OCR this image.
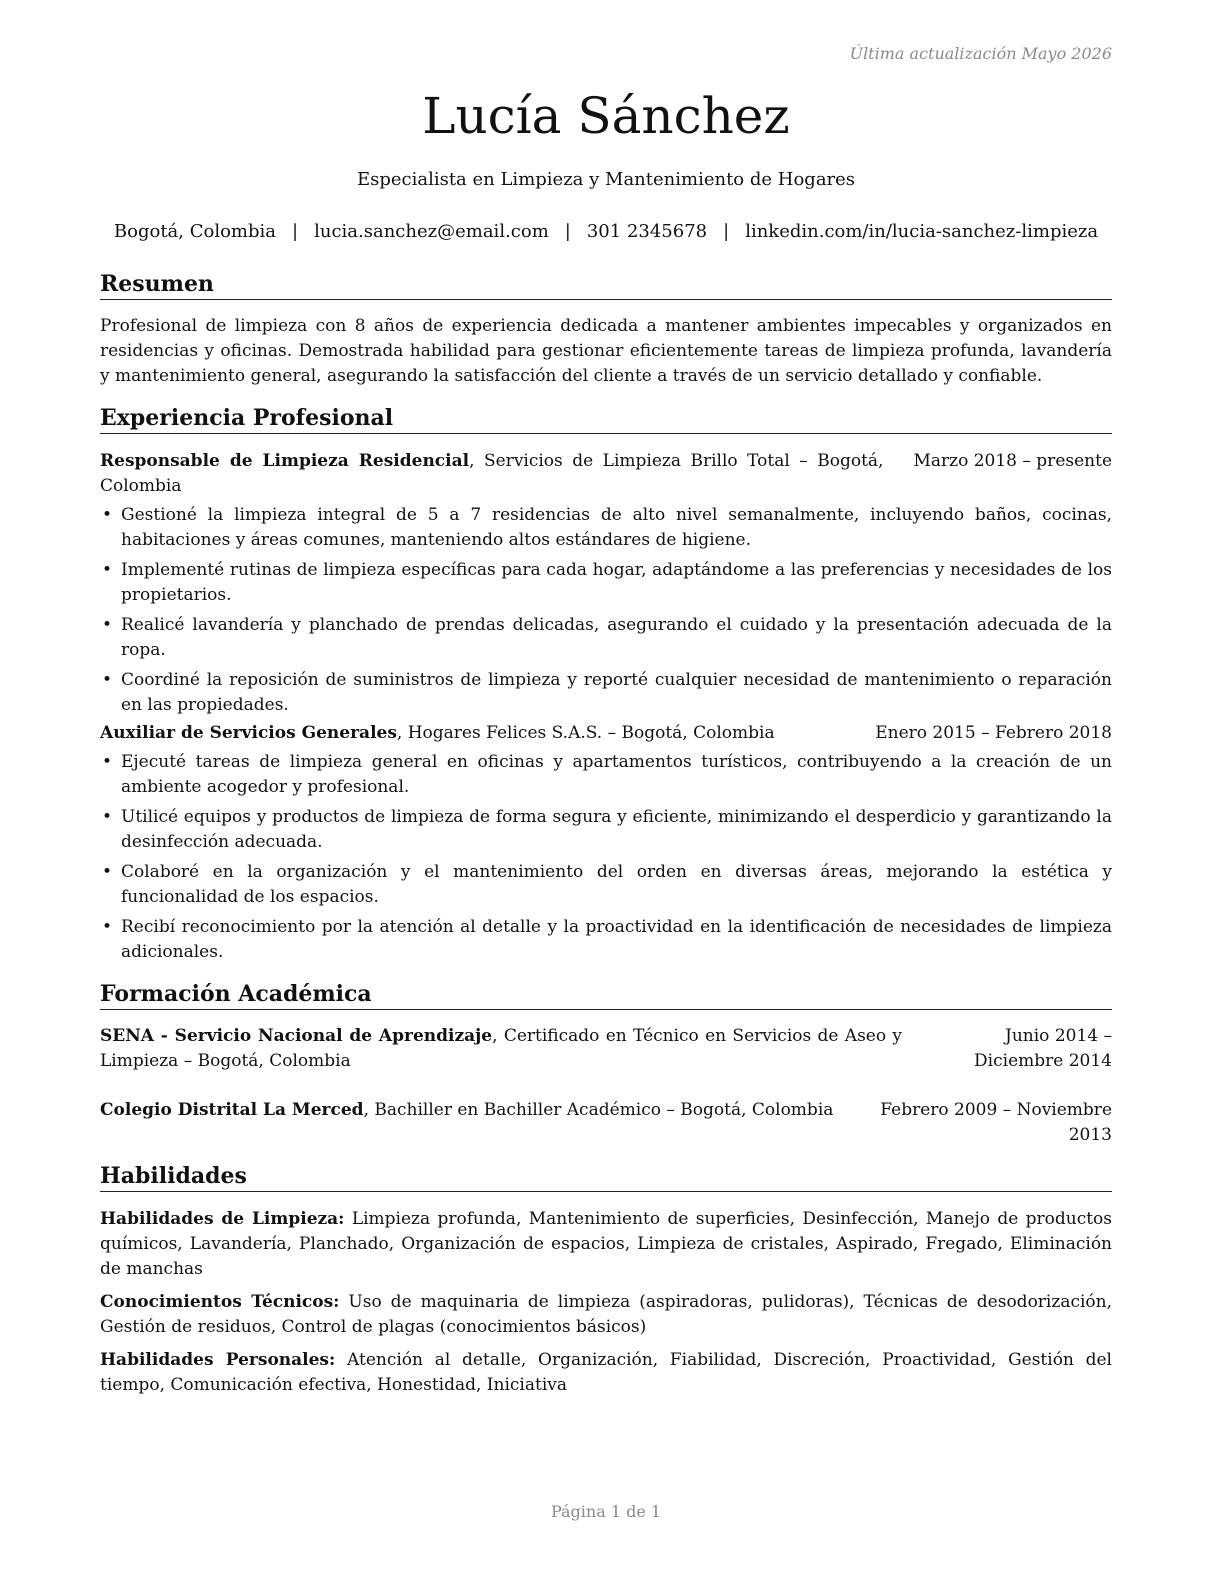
Última actualización Mayo 2026
Lucía Sánchez
Especialista en Limpieza y Mantenimiento de Hogares
Bogotá, Colombia | lucia.sanchez@email.com | 301 2345678 | linkedin.com/in/lucia-sanchez-limpieza
Resumen
Profesional de limpieza con 8 años de experiencia dedicada a mantener ambientes impecables y organizados en residencias y oficinas. Demostrada habilidad para gestionar eficientemente tareas de limpieza profunda, lavandería y mantenimiento general, asegurando la satisfacción del cliente a través de un servicio detallado y confiable.
Experiencia Profesional
Responsable de Limpieza Residencial, Servicios de Limpieza Brillo Total – Bogotá, Colombia
Marzo 2018 – presente
• Gestioné la limpieza integral de 5 a 7 residencias de alto nivel semanalmente, incluyendo baños, cocinas, habitaciones y áreas comunes, manteniendo altos estándares de higiene.
• Implementé rutinas de limpieza específicas para cada hogar, adaptándome a las preferencias y necesidades de los propietarios.
• Realicé lavandería y planchado de prendas delicadas, asegurando el cuidado y la presentación adecuada de la ropa.
• Coordiné la reposición de suministros de limpieza y reporté cualquier necesidad de mantenimiento o reparación en las propiedades.
Auxiliar de Servicios Generales, Hogares Felices S.A.S. – Bogotá, Colombia	Enero 2015 – Febrero 2018
• Ejecuté tareas de limpieza general en oficinas y apartamentos turísticos, contribuyendo a la creación de un ambiente acogedor y profesional.
• Utilicé equipos y productos de limpieza de forma segura y eficiente, minimizando el desperdicio y garantizando la desinfección adecuada.
• Colaboré en la organización y el mantenimiento del orden en diversas áreas, mejorando la estética y funcionalidad de los espacios.
• Recibí reconocimiento por la atención al detalle y la proactividad en la identificación de necesidades de limpieza adicionales.
Formación Académica
SENA - Servicio Nacional de Aprendizaje, Certificado en Técnico en Servicios de Aseo y Limpieza – Bogotá, Colombia
Junio 2014 – Diciembre 2014
Colegio Distrital La Merced, Bachiller en Bachiller Académico – Bogotá, Colombia	Febrero 2009 – Noviembre 2013
Habilidades
Habilidades de Limpieza: Limpieza profunda, Mantenimiento de superficies, Desinfección, Manejo de productos químicos, Lavandería, Planchado, Organización de espacios, Limpieza de cristales, Aspirado, Fregado, Eliminación de manchas
Conocimientos Técnicos: Uso de maquinaria de limpieza (aspiradoras, pulidoras), Técnicas de desodorización, Gestión de residuos, Control de plagas (conocimientos básicos)
Habilidades Personales: Atención al detalle, Organización, Fiabilidad, Discreción, Proactividad, Gestión del tiempo, Comunicación efectiva, Honestidad, Iniciativa
Página 1 de 1
